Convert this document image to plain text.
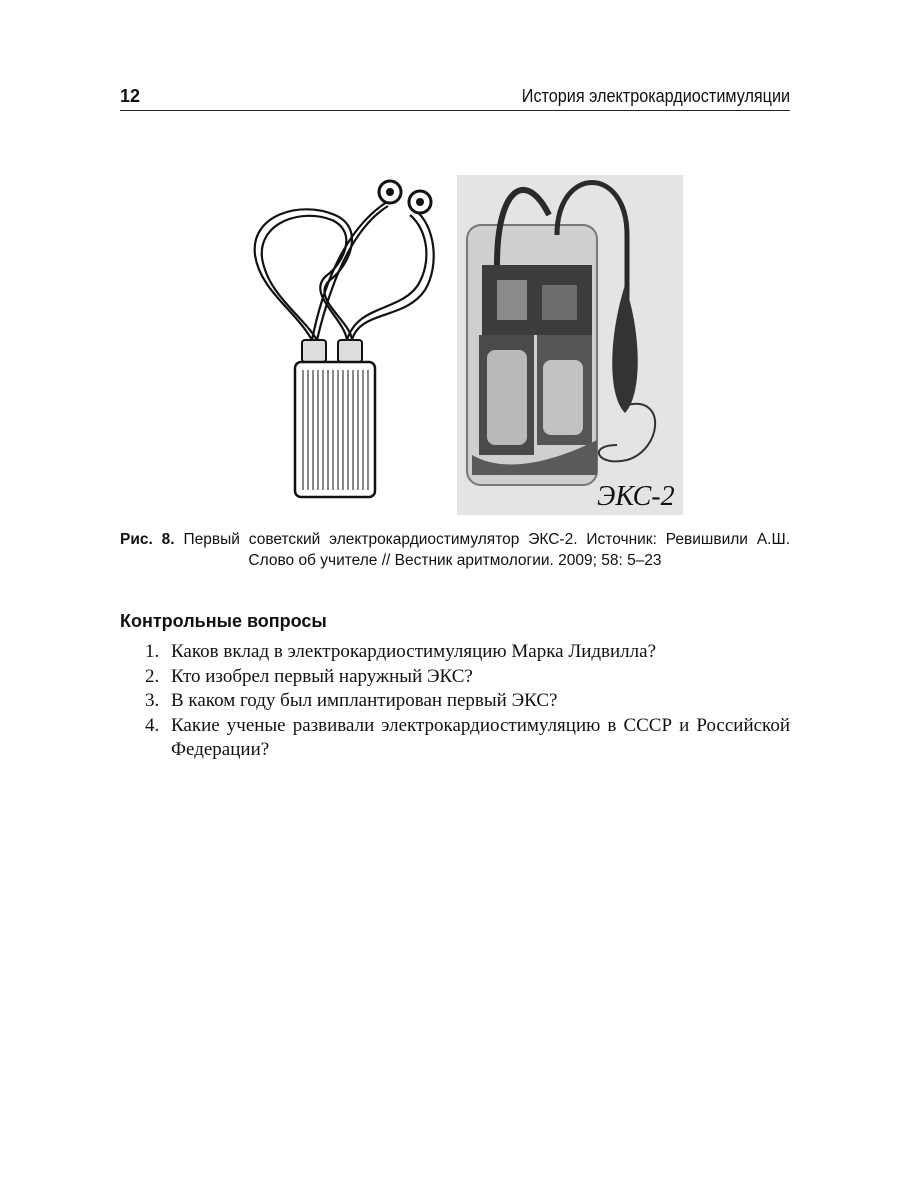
12	История электрокардиостимуляции
ЭКС-2
Рис. 8. Первый советский электрокардиостимулятор ЭКС-2. Источник: Ревишвили А.Ш. Слово об учителе // Вестник аритмологии. 2009; 58: 5–23
Контрольные вопросы
1. Каков вклад в электрокардиостимуляцию Марка Лидвилла?
2. Кто изобрел первый наружный ЭКС?
3. В каком году был имплантирован первый ЭКС?
4. Какие ученые развивали электрокардиостимуляцию в СССР и Российской Федерации?
